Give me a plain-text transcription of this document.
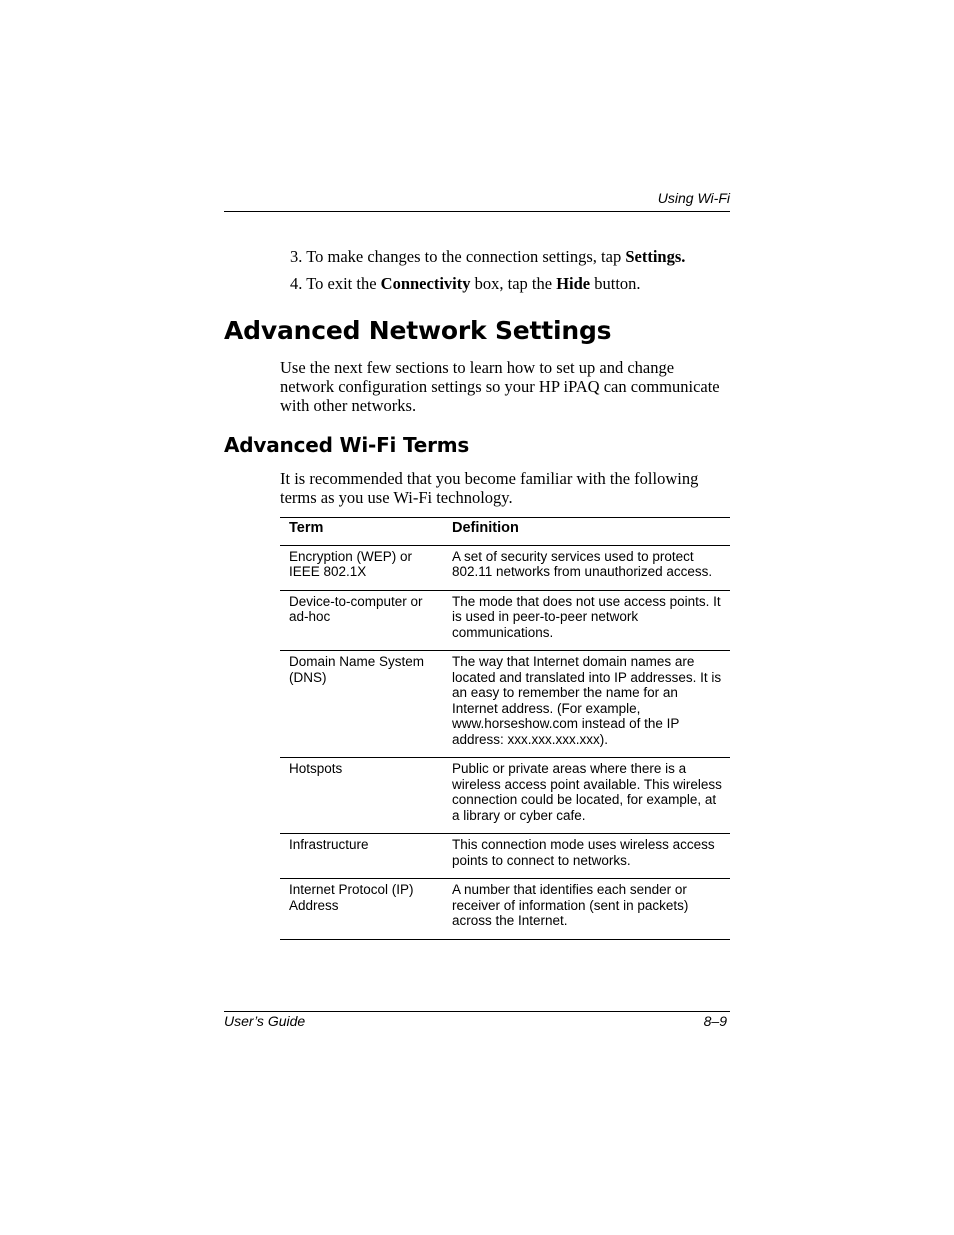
Using Wi-Fi
3. To make changes to the connection settings, tap Settings.
4. To exit the Connectivity box, tap the Hide button.
Advanced Network Settings

Use the next few sections to learn how to set up and change network configuration settings so your HP iPAQ can communicate with other networks.

Advanced Wi-Fi Terms

It is recommended that you become familiar with the following terms as you use Wi-Fi technology.

Term	Definition
Encryption (WEP) or IEEE 802.1X	A set of security services used to protect 802.11 networks from unauthorized access.
Device-to-computer or ad-hoc	The mode that does not use access points. It is used in peer-to-peer network communications.
Domain Name System (DNS)	The way that Internet domain names are located and translated into IP addresses. It is an easy to remember the name for an Internet address. (For example, www.horseshow.com instead of the IP address: xxx.xxx.xxx.xxx).
Hotspots	Public or private areas where there is a wireless access point available. This wireless connection could be located, for example, at a library or cyber cafe.
Infrastructure	This connection mode uses wireless access points to connect to networks.
Internet Protocol (IP) Address	A number that identifies each sender or receiver of information (sent in packets) across the Internet.
User’s Guide	8–9
